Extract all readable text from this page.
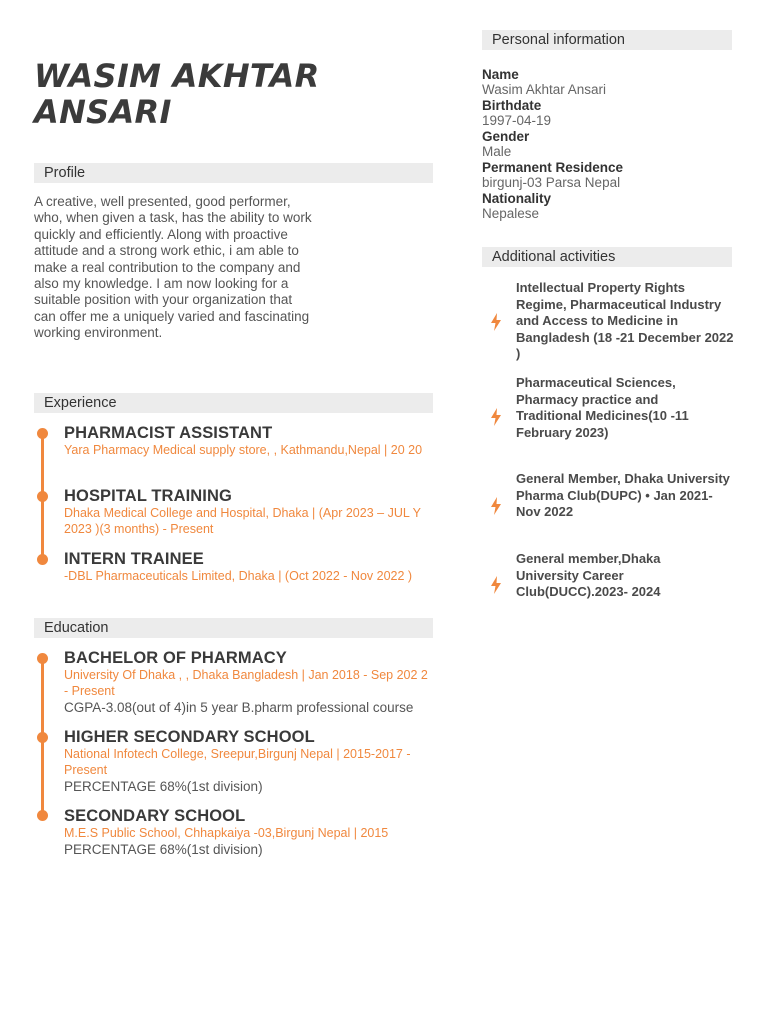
WASIM AKHTAR
ANSARI
Profile
A creative, well presented, good performer, who, when given a task, has the ability to work quickly and efficiently. Along with proactive attitude and a strong work ethic, i am able to make a real contribution to the company and also my knowledge. I am now looking for a suitable position with your organization that can offer me a uniquely varied and fascinating working environment.
Experience
PHARMACIST ASSISTANT
Yara Pharmacy Medical supply store, , Kathmandu,Nepal | 20 20
HOSPITAL TRAINING
Dhaka Medical College and Hospital, Dhaka | (Apr 2023 – JUL Y 2023 )(3 months) - Present
INTERN TRAINEE
-DBL Pharmaceuticals Limited, Dhaka | (Oct 2022 - Nov 2022 )
Education
BACHELOR OF PHARMACY
University Of Dhaka , , Dhaka Bangladesh | Jan 2018 - Sep 202 2 - Present
CGPA-3.08(out of 4)in 5 year B.pharm professional course
HIGHER SECONDARY SCHOOL
National Infotech College, Sreepur,Birgunj Nepal | 2015-2017 - Present
PERCENTAGE 68%(1st division)
SECONDARY SCHOOL
M.E.S Public School, Chhapkaiya -03,Birgunj Nepal | 2015
PERCENTAGE 68%(1st division)
Personal information
Name
Wasim Akhtar Ansari
Birthdate
1997-04-19
Gender
Male
Permanent Residence
birgunj-03 Parsa Nepal
Nationality
Nepalese
Additional activities
Intellectual Property Rights Regime, Pharmaceutical Industry and Access to Medicine in Bangladesh (18 -21 December 2022 )
Pharmaceutical Sciences, Pharmacy practice and Traditional Medicines(10 -11 February 2023)
General Member, Dhaka University Pharma Club(DUPC) • Jan 2021- Nov 2022
General member,Dhaka University Career Club(DUCC).2023- 2024
